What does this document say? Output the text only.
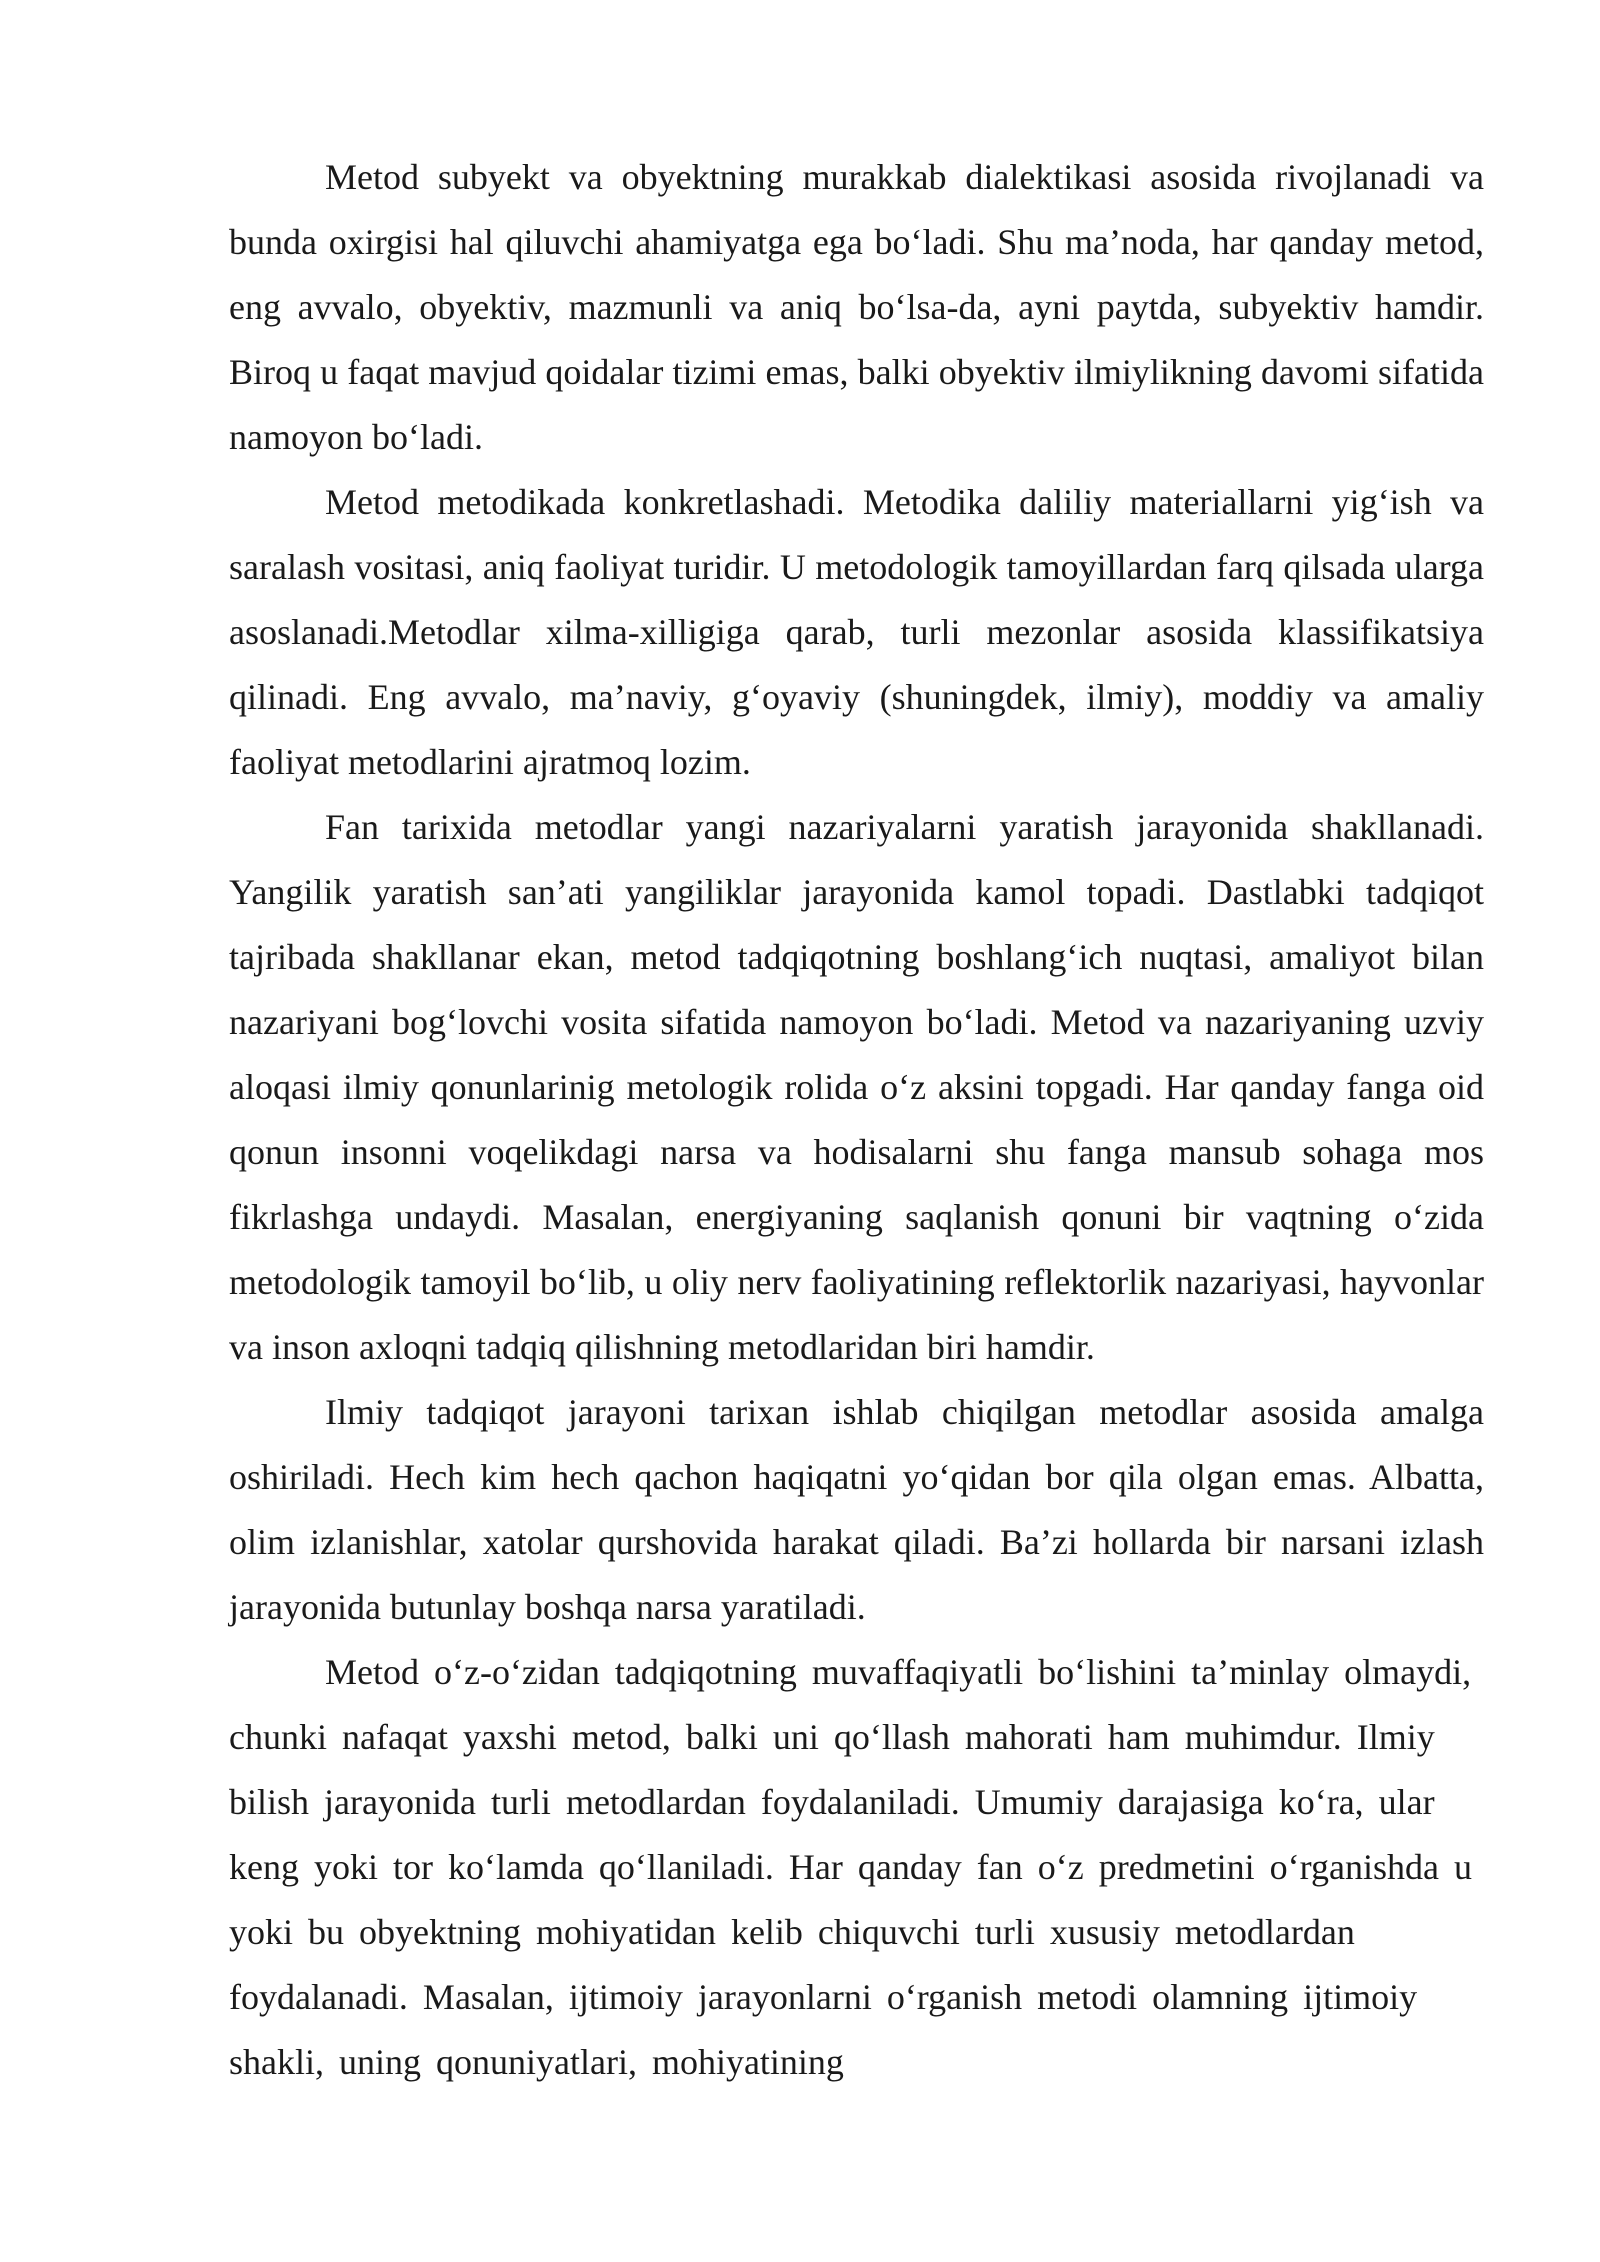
Metod subyekt va obyektning murakkab dialektikasi asosida rivojlanadi va bunda oxirgisi hal qiluvchi ahamiyatga ega bo‘ladi. Shu ma’noda, har qanday metod, eng avvalo, obyektiv, mazmunli va aniq bo‘lsa-da, ayni paytda, subyektiv hamdir. Biroq u faqat mavjud qoidalar tizimi emas, balki obyektiv ilmiylikning davomi sifatida namoyon bo‘ladi.

Metod metodikada konkretlashadi. Metodika daliliy materiallarni yig‘ish va saralash vositasi, aniq faoliyat turidir. U metodologik tamoyillardan farq qilsada ularga asoslanadi.Metodlar xilma-xilligiga qarab, turli mezonlar asosida klassifikatsiya qilinadi. Eng avvalo, ma’naviy, g‘oyaviy (shuningdek, ilmiy), moddiy va amaliy faoliyat metodlarini ajratmoq lozim.

Fan tarixida metodlar yangi nazariyalarni yaratish jarayonida shakllanadi. Yangilik yaratish san’ati yangiliklar jarayonida kamol topadi. Dastlabki tadqiqot tajribada shakllanar ekan, metod tadqiqotning boshlang‘ich nuqtasi, amaliyot bilan nazariyani bog‘lovchi vosita sifatida namoyon bo‘ladi. Metod va nazariyaning uzviy aloqasi ilmiy qonunlarinig metologik rolida o‘z aksini topgadi. Har qanday fanga oid qonun insonni voqelikdagi narsa va hodisalarni shu fanga mansub sohaga mos fikrlashga undaydi. Masalan, energiyaning saqlanish qonuni bir vaqtning o‘zida metodologik tamoyil bo‘lib, u oliy nerv faoliyatining reflektorlik nazariyasi, hayvonlar va inson axloqni tadqiq qilishning metodlaridan biri hamdir.

Ilmiy tadqiqot jarayoni tarixan ishlab chiqilgan metodlar asosida amalga oshiriladi. Hech kim hech qachon haqiqatni yo‘qidan bor qila olgan emas. Albatta, olim izlanishlar, xatolar qurshovida harakat qiladi. Ba’zi hollarda bir narsani izlash jarayonida butunlay boshqa narsa yaratiladi.

Metod o‘z-o‘zidan tadqiqotning muvaffaqiyatli bo‘lishini ta’minlay olmaydi, chunki nafaqat yaxshi metod, balki uni qo‘llash mahorati ham muhimdur. Ilmiy bilish jarayonida turli metodlardan foydalaniladi. Umumiy darajasiga ko‘ra, ular keng yoki tor ko‘lamda qo‘llaniladi. Har qanday fan o‘z predmetini o‘rganishda u yoki bu obyektning mohiyatidan kelib chiquvchi turli xususiy metodlardan foydalanadi. Masalan, ijtimoiy jarayonlarni o‘rganish metodi olamning ijtimoiy shakli, uning qonuniyatlari, mohiyatining
